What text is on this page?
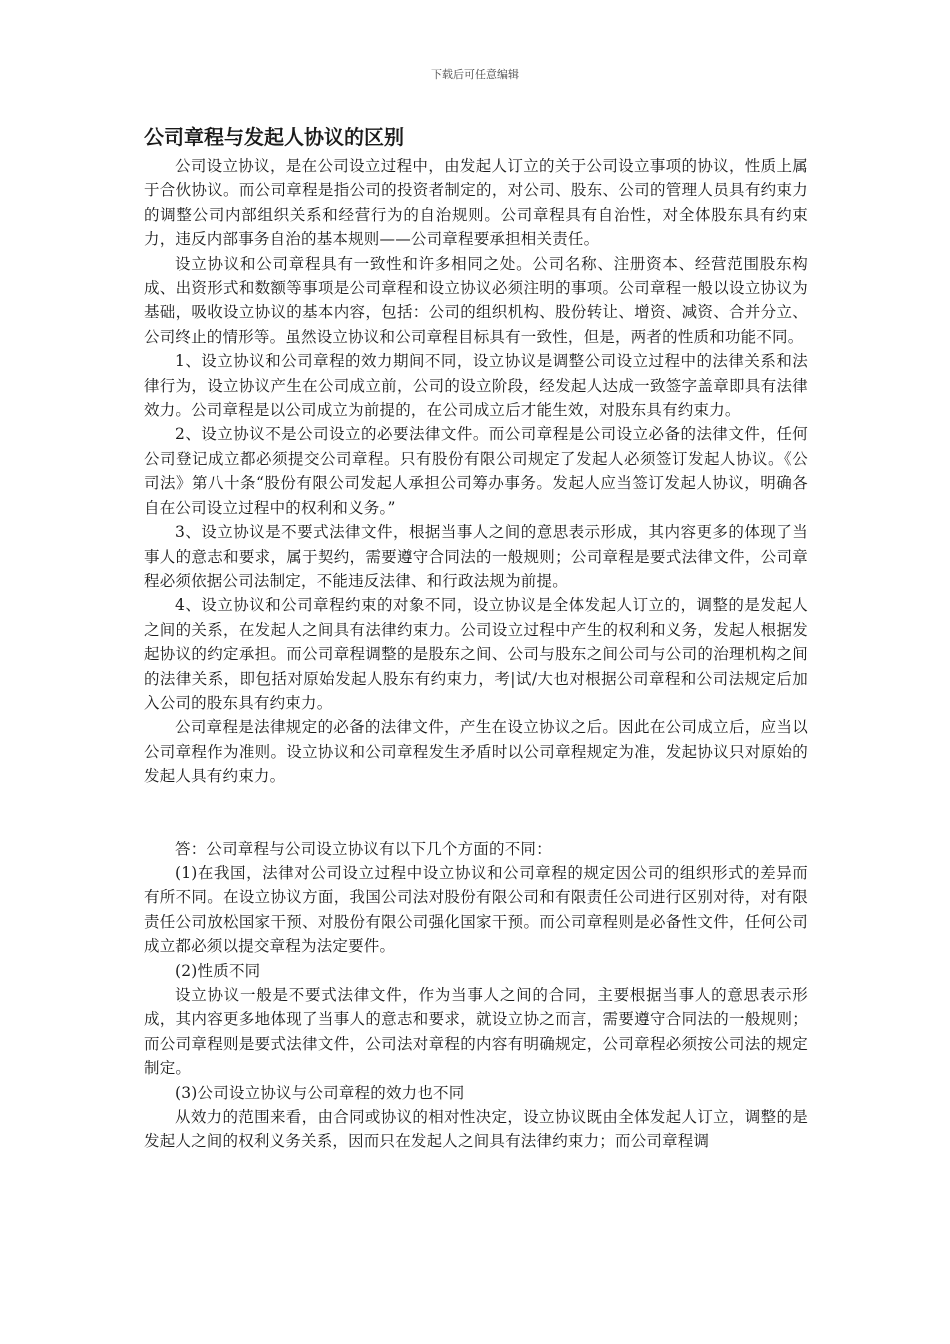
下载后可任意编辑
公司章程与发起人协议的区别

公司设立协议，是在公司设立过程中，由发起人订立的关于公司设立事项的协议，性质上属于合伙协议。而公司章程是指公司的投资者制定的，对公司、股东、公司的管理人员具有约束力的调整公司内部组织关系和经营行为的自治规则。公司章程具有自治性，对全体股东具有约束力，违反内部事务自治的基本规则——公司章程要承担相关责任。

设立协议和公司章程具有一致性和许多相同之处。公司名称、注册资本、经营范围股东构成、出资形式和数额等事项是公司章程和设立协议必须注明的事项。公司章程一般以设立协议为基础，吸收设立协议的基本内容，包括：公司的组织机构、股份转让、增资、减资、合并分立、公司终止的情形等。虽然设立协议和公司章程目标具有一致性，但是，两者的性质和功能不同。

1、设立协议和公司章程的效力期间不同，设立协议是调整公司设立过程中的法律关系和法律行为，设立协议产生在公司成立前，公司的设立阶段，经发起人达成一致签字盖章即具有法律效力。公司章程是以公司成立为前提的，在公司成立后才能生效，对股东具有约束力。

2、设立协议不是公司设立的必要法律文件。而公司章程是公司设立必备的法律文件，任何公司登记成立都必须提交公司章程。只有股份有限公司规定了发起人必须签订发起人协议。《公司法》第八十条“股份有限公司发起人承担公司筹办事务。发起人应当签订发起人协议，明确各自在公司设立过程中的权利和义务。”

3、设立协议是不要式法律文件，根据当事人之间的意思表示形成，其内容更多的体现了当事人的意志和要求，属于契约，需要遵守合同法的一般规则；公司章程是要式法律文件，公司章程必须依据公司法制定，不能违反法律、和行政法规为前提。

4、设立协议和公司章程约束的对象不同，设立协议是全体发起人订立的，调整的是发起人之间的关系，在发起人之间具有法律约束力。公司设立过程中产生的权利和义务，发起人根据发起协议的约定承担。而公司章程调整的是股东之间、公司与股东之间公司与公司的治理机构之间的法律关系，即包括对原始发起人股东有约束力，考|试/大也对根据公司章程和公司法规定后加入公司的股东具有约束力。

公司章程是法律规定的必备的法律文件，产生在设立协议之后。因此在公司成立后，应当以公司章程作为准则。设立协议和公司章程发生矛盾时以公司章程规定为准，发起协议只对原始的发起人具有约束力。

答：公司章程与公司设立协议有以下几个方面的不同：

(1)在我国，法律对公司设立过程中设立协议和公司章程的规定因公司的组织形式的差异而有所不同。在设立协议方面，我国公司法对股份有限公司和有限责任公司进行区别对待，对有限责任公司放松国家干预、对股份有限公司强化国家干预。而公司章程则是必备性文件，任何公司成立都必须以提交章程为法定要件。

(2)性质不同

设立协议一般是不要式法律文件，作为当事人之间的合同，主要根据当事人的意思表示形成，其内容更多地体现了当事人的意志和要求，就设立协之而言，需要遵守合同法的一般规则；而公司章程则是要式法律文件，公司法对章程的内容有明确规定，公司章程必须按公司法的规定制定。

(3)公司设立协议与公司章程的效力也不同

从效力的范围来看，由合同或协议的相对性决定，设立协议既由全体发起人订立，调整的是发起人之间的权利义务关系，因而只在发起人之间具有法律约束力；而公司章程调
